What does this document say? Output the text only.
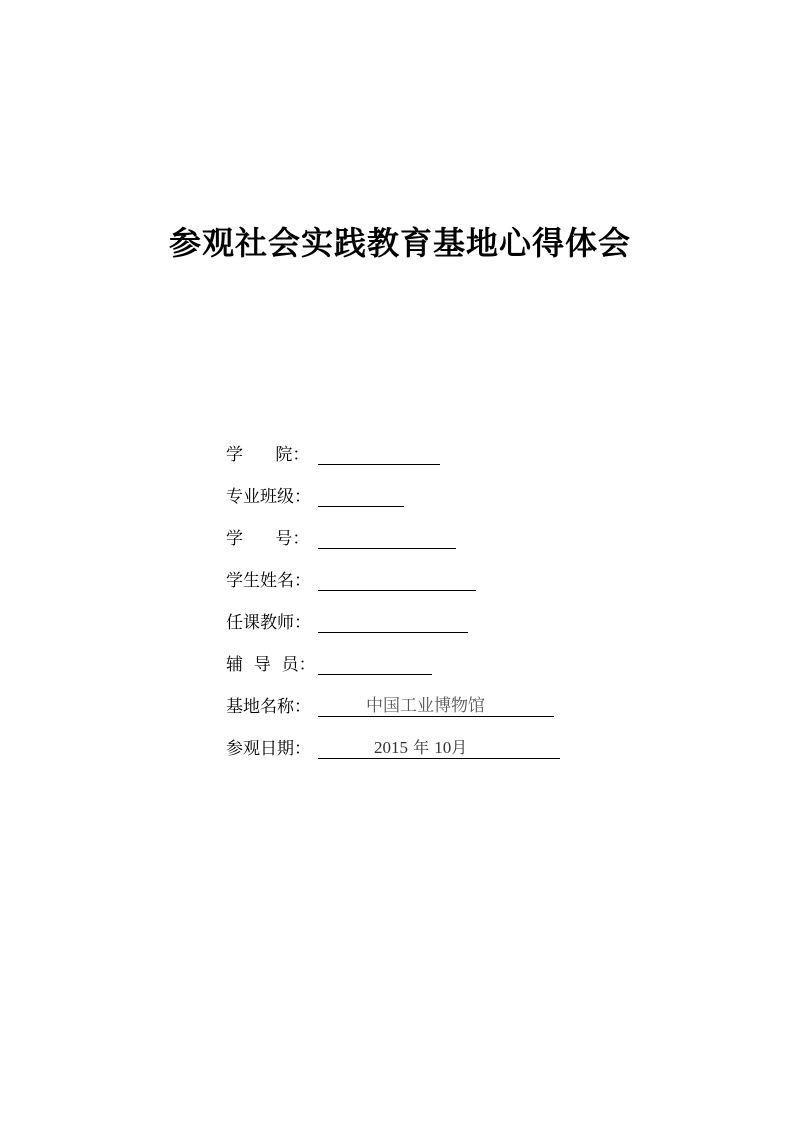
参观社会实践教育基地心得体会
学      院：
专业班级：
学      号：
学生姓名：
任课教师：
辅  导  员：
基地名称：	中国工业博物馆
参观日期：	2015 年 10月
